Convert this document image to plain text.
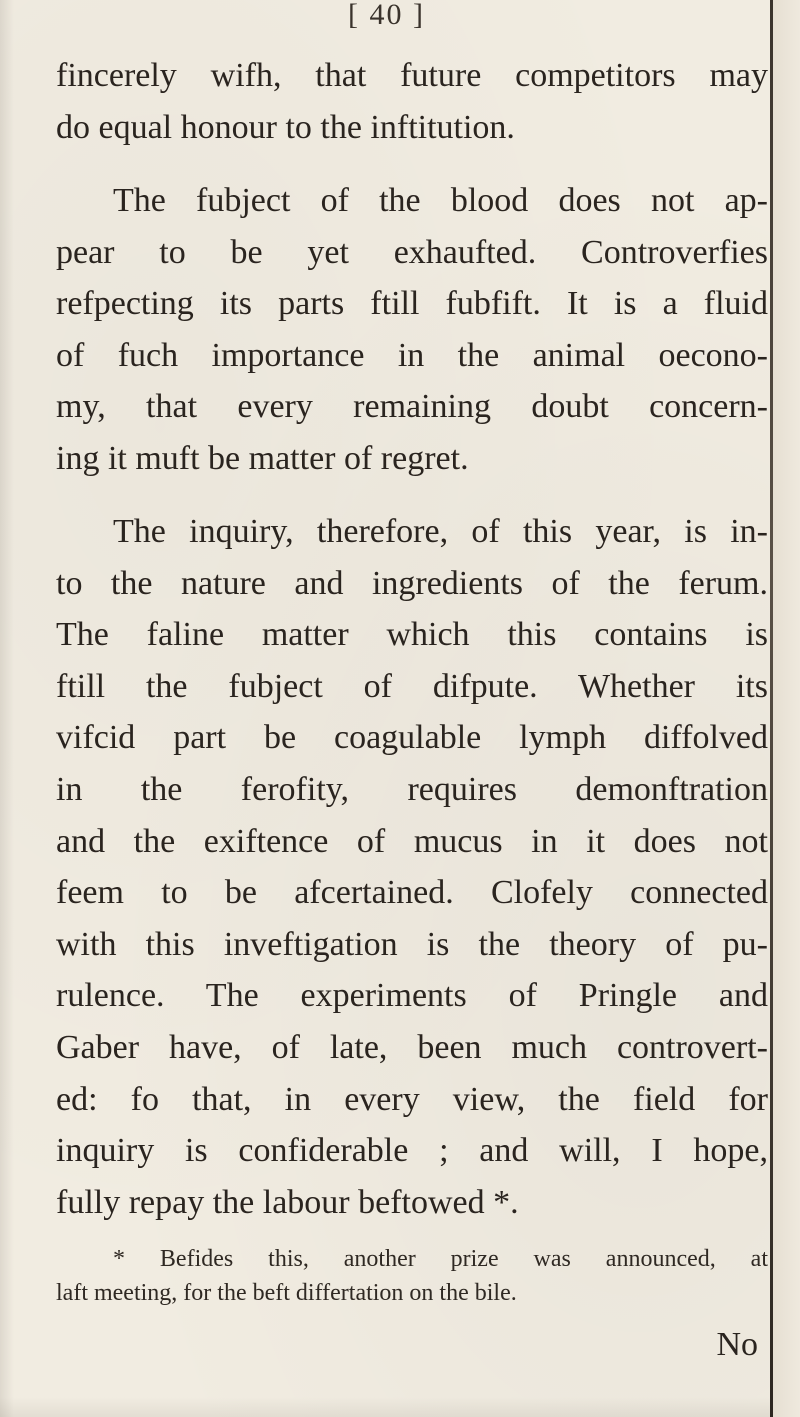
[ 40 ]
fincerely wifh, that future competitors may
do equal honour to the inftitution.
The fubject of the blood does not ap-
pear to be yet exhaufted. Controverfies
refpecting its parts ftill fubfift. It is a fluid
of fuch importance in the animal oecono-
my, that every remaining doubt concern-
ing it muft be matter of regret.
The inquiry, therefore, of this year, is in-
to the nature and ingredients of the ferum.
The faline matter which this contains is
ftill the fubject of difpute. Whether its
vifcid part be coagulable lymph diffolved
in the ferofity, requires demonftration
and the exiftence of mucus in it does not
feem to be afcertained. Clofely connected
with this inveftigation is the theory of pu-
rulence. The experiments of Pringle and
Gaber have, of late, been much controvert-
ed: fo that, in every view, the field for
inquiry is confiderable ; and will, I hope,
fully repay the labour beftowed *.
* Befides this, another prize was announced, at
laft meeting, for the beft differtation on the bile.
No
